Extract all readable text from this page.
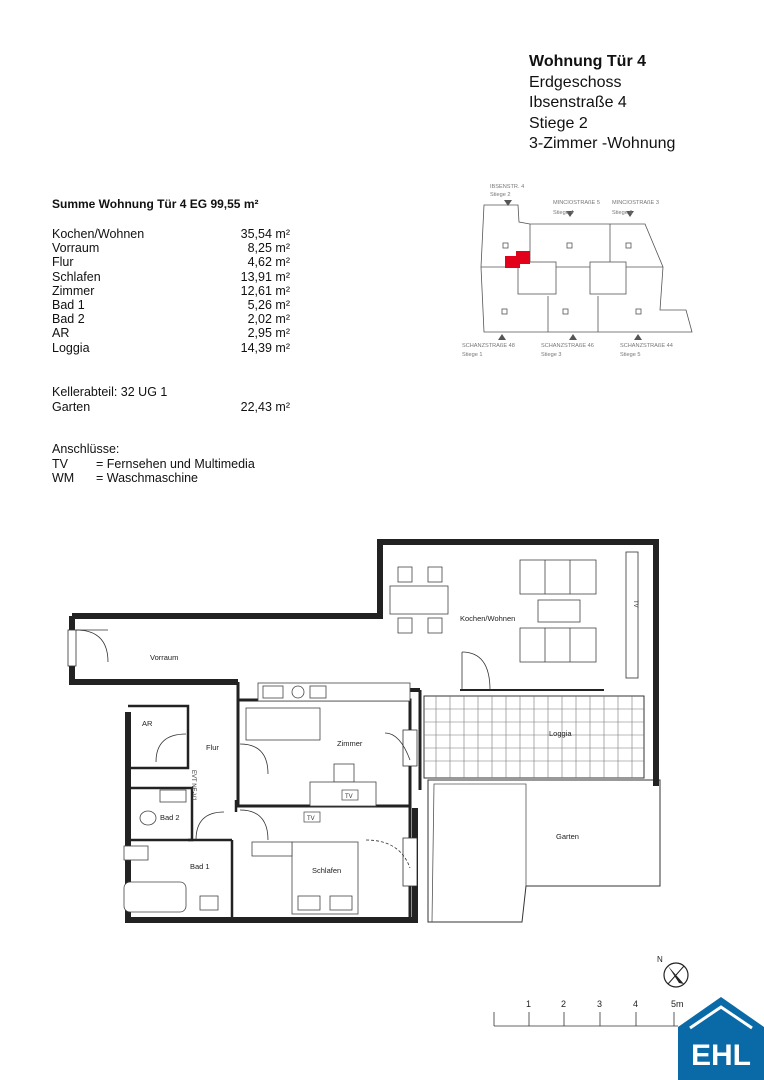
Wohnung Tür 4
Erdgeschoss
Ibsenstraße 4
Stiege 2
3-Zimmer -Wohnung
Summe Wohnung Tür 4 EG 99,55 m²
Kochen/Wohnen	35,54 m²
Vorraum	8,25 m²
Flur	4,62 m²
Schlafen	13,91 m²
Zimmer	12,61 m²
Bad 1	5,26 m²
Bad 2	2,02 m²
AR	2,95 m²
Loggia	14,39 m²
Kellerabteil: 32 UG 1
Garten	22,43 m²
Anschlüsse:
TV	= Fernsehen und Multimedia
WM	= Waschmaschine
IBSENSTR. 4
Stiege 2
MINCIOSTRAßE 5
Stiege 4
MINCIOSTRAßE 3
Stiege 6
SCHANZSTRAßE 48
Stiege 1
SCHANZSTRAßE 46
Stiege 3
SCHANZSTRAßE 44
Stiege 5
TV
TV
TV
EVT NE-V1
Kochen/Wohnen
Vorraum
AR
Flur	Zimmer
Loggia
Bad 2
Bad 1	Schlafen
Garten
N
1	2	3	4	5m
EHL
